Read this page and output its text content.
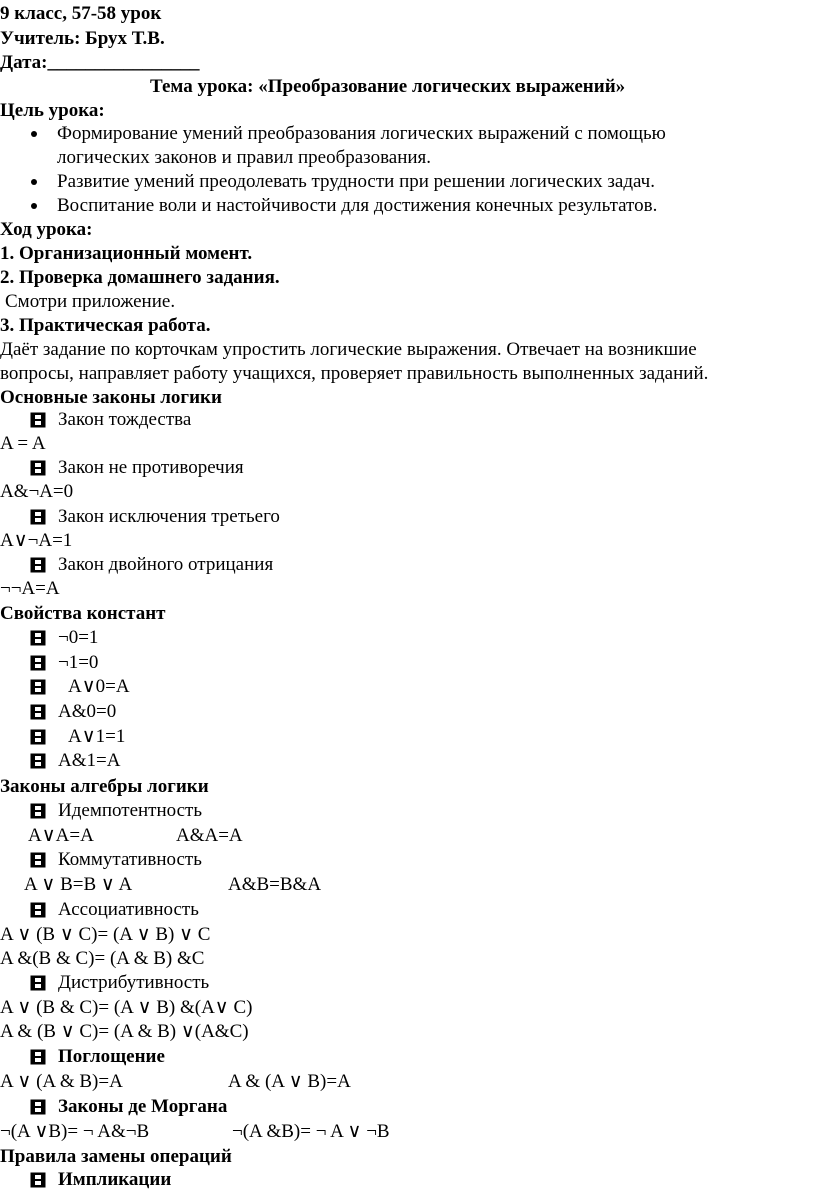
9 класс, 57-58 урок
Учитель: Брух Т.В.
Дата:________________
Тема урока: «Преобразование логических выражений»
Цель урока:
Формирование умений преобразования логических выражений с помощью
логических законов и правил преобразования.
Развитие умений преодолевать трудности при решении логических задач.
Воспитание воли и настойчивости для достижения конечных результатов.
Ход урока:
1. Организационный момент.
2. Проверка домашнего задания.
Смотри приложение.
3. Практическая работа.
Даёт задание по корточкам упростить логические выражения. Отвечает на возникшие
вопросы, направляет работу учащихся, проверяет правильность выполненных заданий.
Основные законы логики
Закон тождества
A = A
Закон не противоречия
A&¬A=0
Закон исключения третьего
A∨¬A=1
Закон двойного отрицания
¬¬A=A
Свойства констант
¬0=1
¬1=0
A∨0=A
A&0=0
A∨1=1
A&1=A
Законы алгебры логики
Идемпотентность
A∨A=A	A&A=A
Коммутативность
A ∨ B=B ∨ A	A&B=B&A
Ассоциативность
A ∨ (B ∨ C)= (A ∨ B) ∨ C
A &(B & C)= (A & B) &C
Дистрибутивность
A ∨ (B & C)= (A ∨ B) &(A∨ C)
A & (B ∨ C)= (A & B) ∨(A&C)
Поглощение
A ∨ (A & B)=A	A & (A ∨ B)=A
Законы де Моргана
¬(A ∨B)= ¬ A&¬B	¬(A &B)= ¬ A ∨ ¬B
Правила замены операций
Импликации
